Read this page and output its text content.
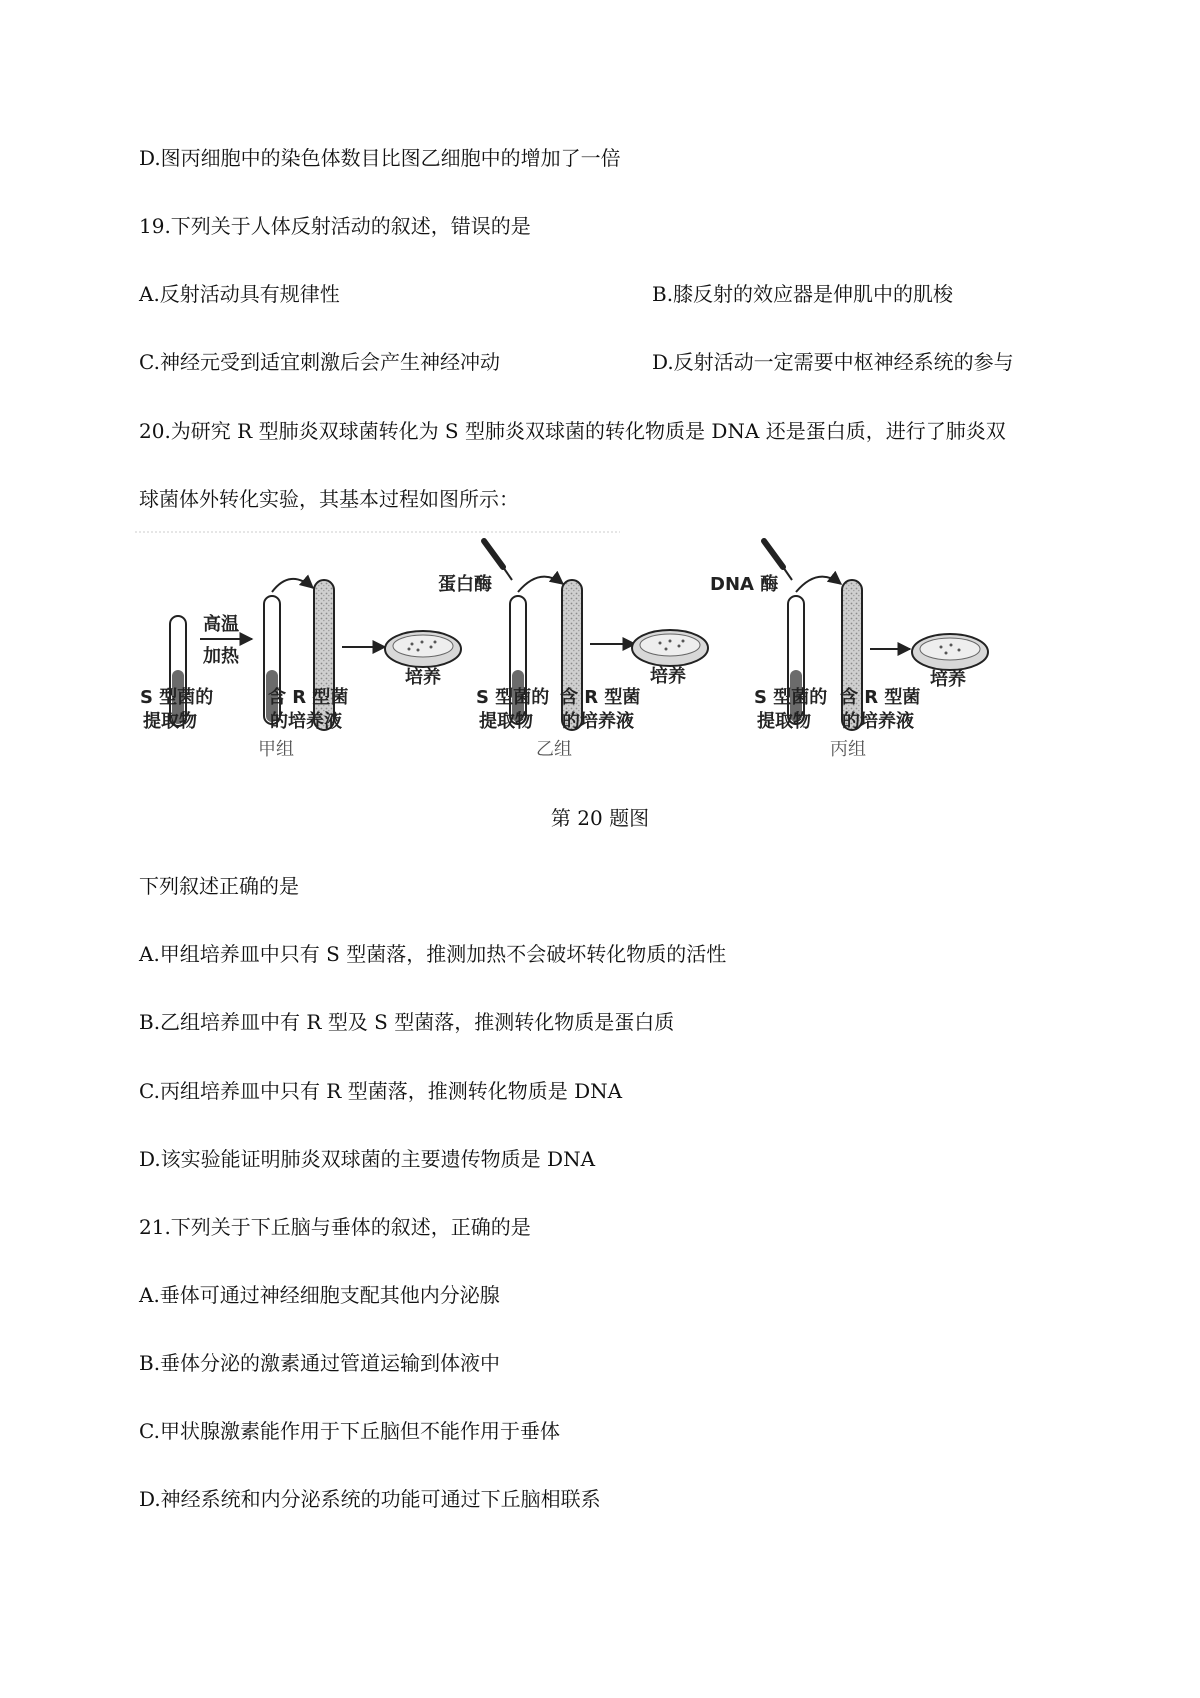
D.图丙细胞中的染色体数目比图乙细胞中的增加了一倍
19.下列关于人体反射活动的叙述，错误的是
A.反射活动具有规律性	B.膝反射的效应器是伸肌中的肌梭
C.神经元受到适宜刺激后会产生神经冲动	D.反射活动一定需要中枢神经系统的参与
20.为研究 R 型肺炎双球菌转化为 S 型肺炎双球菌的转化物质是 DNA 还是蛋白质，进行了肺炎双
球菌体外转化实验，其基本过程如图所示：
高温
加热
培养
S 型菌的
提取物
含 R 型菌
的培养液
甲组
蛋白酶
培养
S 型菌的
提取物
含 R 型菌
的培养液
乙组
DNA 酶
培养
S 型菌的
提取物
含 R 型菌
的培养液
丙组
第 20 题图
下列叙述正确的是
A.甲组培养皿中只有 S 型菌落，推测加热不会破坏转化物质的活性
B.乙组培养皿中有 R 型及 S 型菌落，推测转化物质是蛋白质
C.丙组培养皿中只有 R 型菌落，推测转化物质是 DNA
D.该实验能证明肺炎双球菌的主要遗传物质是 DNA
21.下列关于下丘脑与垂体的叙述，正确的是
A.垂体可通过神经细胞支配其他内分泌腺
B.垂体分泌的激素通过管道运输到体液中
C.甲状腺激素能作用于下丘脑但不能作用于垂体
D.神经系统和内分泌系统的功能可通过下丘脑相联系
